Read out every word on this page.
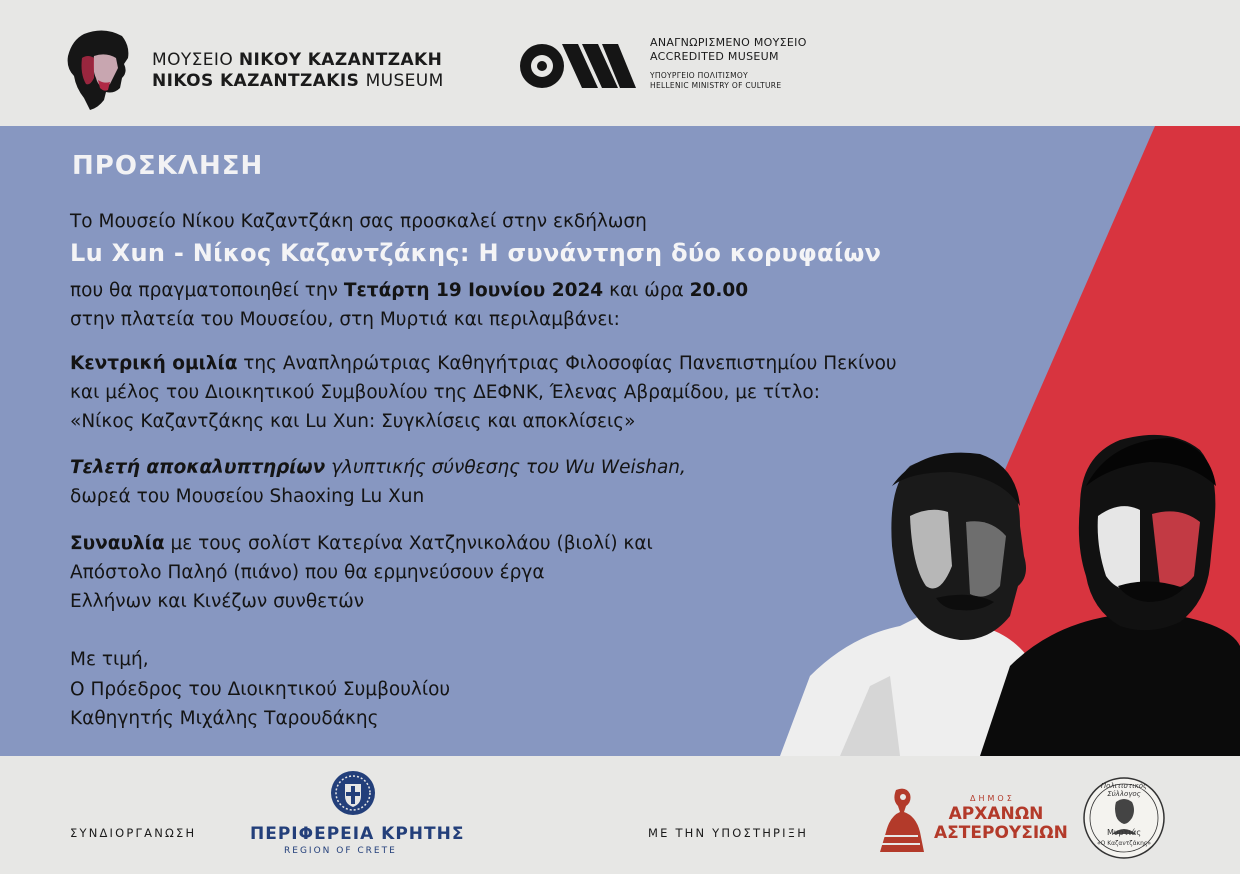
ΜΟΥΣΕΙΟ ΝΙΚΟΥ ΚΑΖΑΝΤΖΑΚΗ
NIKOS KAZANTZAKIS MUSEUM
ΑΝΑΓΝΩΡΙΣΜΕΝΟ ΜΟΥΣΕΙΟ
ACCREDITED MUSEUM
ΥΠΟΥΡΓΕΙΟ ΠΟΛΙΤΙΣΜΟΥ
HELLENIC MINISTRY OF CULTURE
ΠΡΟΣΚΛΗΣΗ
Το Μουσείο Νίκου Καζαντζάκη σας προσκαλεί στην εκδήλωση
Lu Xun - Νίκος Καζαντζάκης: Η συνάντηση δύο κορυφαίων
που θα πραγματοποιηθεί την Τετάρτη 19 Ιουνίου 2024 και ώρα 20.00
στην πλατεία του Μουσείου, στη Μυρτιά και περιλαμβάνει:
Κεντρική ομιλία της Αναπληρώτριας Καθηγήτριας Φιλοσοφίας Πανεπιστημίου Πεκίνου
και μέλος του Διοικητικού Συμβουλίου της ΔΕΦΝΚ, Έλενας Αβραμίδου, με τίτλο:
«Νίκος Καζαντζάκης και Lu Xun: Συγκλίσεις και αποκλίσεις»
Τελετή αποκαλυπτηρίων γλυπτικής σύνθεσης του Wu Weishan,
δωρεά του Μουσείου Shaoxing Lu Xun
Συναυλία με τους σολίστ Κατερίνα Χατζηνικολάου (βιολί) και
Απόστολο Παληό (πιάνο) που θα ερμηνεύσουν έργα
Ελλήνων και Κινέζων συνθετών
Με τιμή,
Ο Πρόεδρος του Διοικητικού Συμβουλίου
Καθηγητής Μιχάλης Ταρουδάκης
ΣΥΝΔΙΟΡΓΑΝΩΣΗ	ΠΕΡΙΦΕΡΕΙΑ ΚΡΗΤΗΣ
REGION OF CRETE
ΜΕ ΤΗΝ ΥΠΟΣΤΗΡΙΞΗ
ΔΗΜΟΣ
ΑΡΧΑΝΩΝ
ΑΣΤΕΡΟΥΣΙΩΝ
Πολιτιστικός Σύλλογος
Μυρτιάς
«Ο Καζαντζάκης»
